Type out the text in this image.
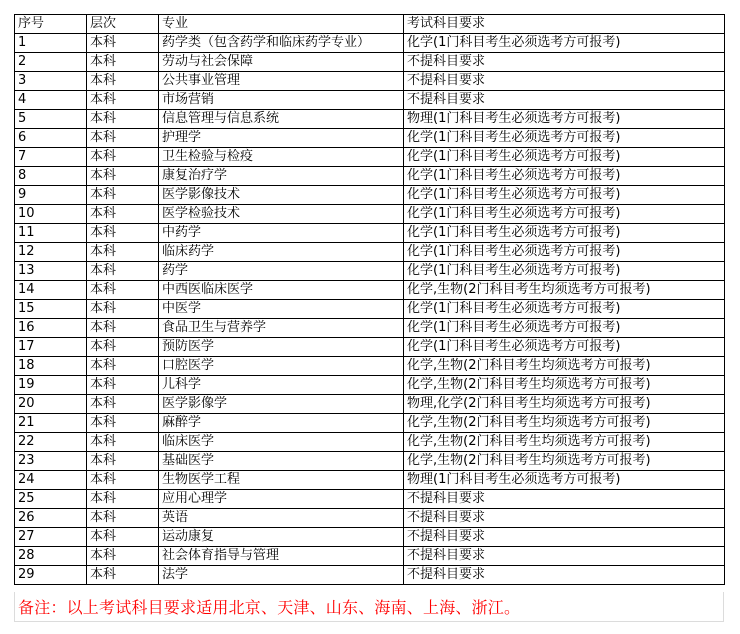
序号	层次	专业	考试科目要求
1	本科	药学类（包含药学和临床药学专业）	化学(1门科目考生必须选考方可报考)
2	本科	劳动与社会保障	不提科目要求
3	本科	公共事业管理	不提科目要求
4	本科	市场营销	不提科目要求
5	本科	信息管理与信息系统	物理(1门科目考生必须选考方可报考)
6	本科	护理学	化学(1门科目考生必须选考方可报考)
7	本科	卫生检验与检疫	化学(1门科目考生必须选考方可报考)
8	本科	康复治疗学	化学(1门科目考生必须选考方可报考)
9	本科	医学影像技术	化学(1门科目考生必须选考方可报考)
10	本科	医学检验技术	化学(1门科目考生必须选考方可报考)
11	本科	中药学	化学(1门科目考生必须选考方可报考)
12	本科	临床药学	化学(1门科目考生必须选考方可报考)
13	本科	药学	化学(1门科目考生必须选考方可报考)
14	本科	中西医临床医学	化学,生物(2门科目考生均须选考方可报考)
15	本科	中医学	化学(1门科目考生必须选考方可报考)
16	本科	食品卫生与营养学	化学(1门科目考生必须选考方可报考)
17	本科	预防医学	化学(1门科目考生必须选考方可报考)
18	本科	口腔医学	化学,生物(2门科目考生均须选考方可报考)
19	本科	儿科学	化学,生物(2门科目考生均须选考方可报考)
20	本科	医学影像学	物理,化学(2门科目考生均须选考方可报考)
21	本科	麻醉学	化学,生物(2门科目考生均须选考方可报考)
22	本科	临床医学	化学,生物(2门科目考生均须选考方可报考)
23	本科	基础医学	化学,生物(2门科目考生均须选考方可报考)
24	本科	生物医学工程	物理(1门科目考生必须选考方可报考)
25	本科	应用心理学	不提科目要求
26	本科	英语	不提科目要求
27	本科	运动康复	不提科目要求
28	本科	社会体育指导与管理	不提科目要求
29	本科	法学	不提科目要求
备注：以上考试科目要求适用北京、天津、山东、海南、上海、浙江。
